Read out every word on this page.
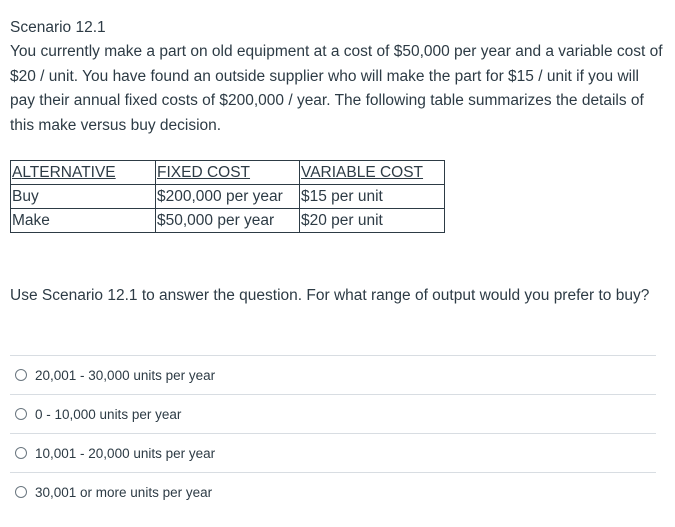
Scenario 12.1
You currently make a part on old equipment at a cost of $50,000 per year and a variable cost of $20 / unit. You have found an outside supplier who will make the part for $15 / unit if you will pay their annual fixed costs of $200,000 / year. The following table summarizes the details of this make versus buy decision.
ALTERNATIVE	FIXED COST	VARIABLE COST
Buy	$200,000 per year	$15 per unit
Make	$50,000 per year	$20 per unit
Use Scenario 12.1 to answer the question. For what range of output would you prefer to buy?
20,001 - 30,000 units per year
0 - 10,000 units per year
10,001 - 20,000 units per year
30,001 or more units per year
